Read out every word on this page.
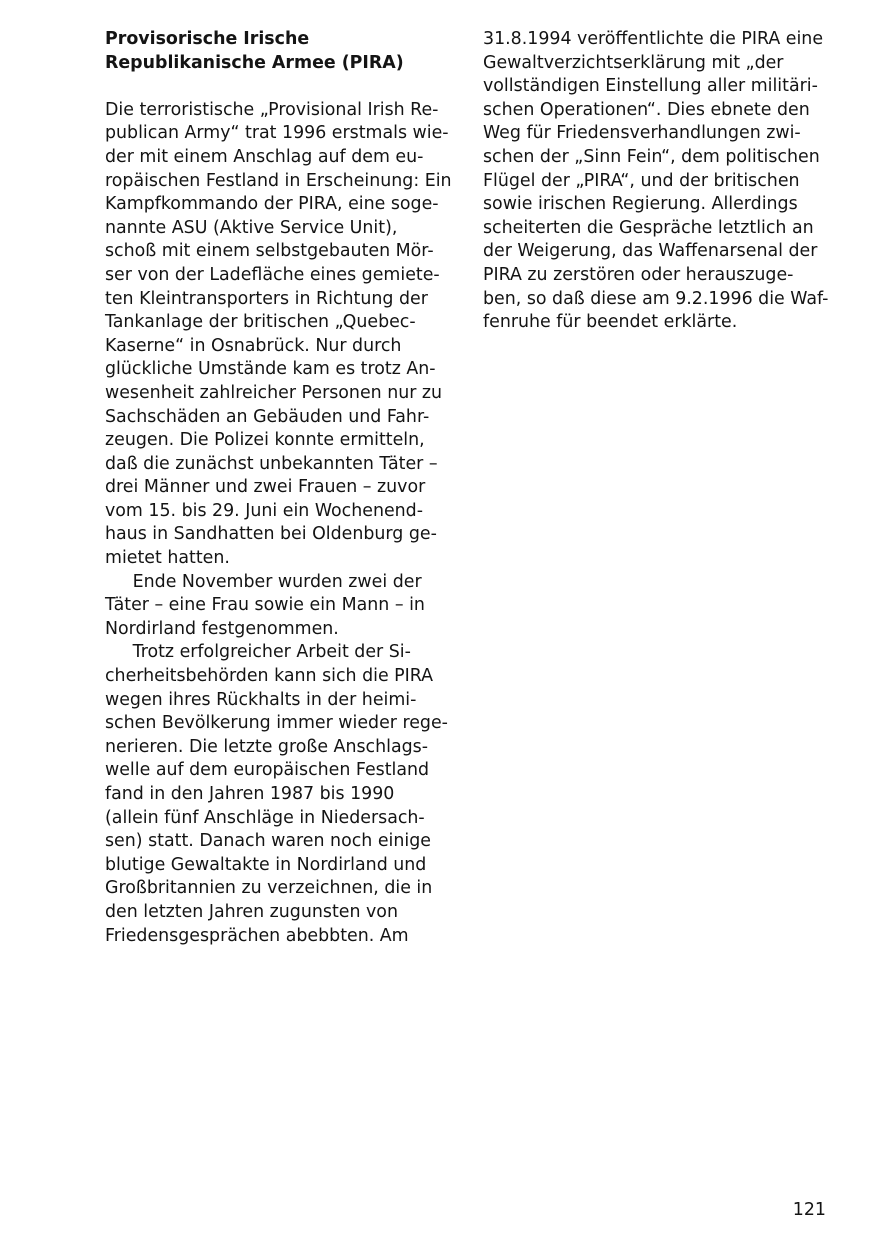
Provisorische Irische
Republikanische Armee (PIRA)
Die terroristische „Provisional Irish Re-
publican Army“ trat 1996 erstmals wie-
der mit einem Anschlag auf dem eu-
ropäischen Festland in Erscheinung: Ein
Kampfkommando der PIRA, eine soge-
nannte ASU (Aktive Service Unit),
schoß mit einem selbstgebauten Mör-
ser von der Ladefläche eines gemiete-
ten Kleintransporters in Richtung der
Tankanlage der britischen „Quebec-
Kaserne“ in Osnabrück. Nur durch
glückliche Umstände kam es trotz An-
wesenheit zahlreicher Personen nur zu
Sachschäden an Gebäuden und Fahr-
zeugen. Die Polizei konnte ermitteln,
daß die zunächst unbekannten Täter –
drei Männer und zwei Frauen – zuvor
vom 15. bis 29. Juni ein Wochenend-
haus in Sandhatten bei Oldenburg ge-
mietet hatten.
Ende November wurden zwei der
Täter – eine Frau sowie ein Mann – in
Nordirland festgenommen.
Trotz erfolgreicher Arbeit der Si-
cherheitsbehörden kann sich die PIRA
wegen ihres Rückhalts in der heimi-
schen Bevölkerung immer wieder rege-
nerieren. Die letzte große Anschlags-
welle auf dem europäischen Festland
fand in den Jahren 1987 bis 1990
(allein fünf Anschläge in Niedersach-
sen) statt. Danach waren noch einige
blutige Gewaltakte in Nordirland und
Großbritannien zu verzeichnen, die in
den letzten Jahren zugunsten von
Friedensgesprächen abebbten. Am
31.8.1994 veröffentlichte die PIRA eine
Gewaltverzichtserklärung mit „der
vollständigen Einstellung aller militäri-
schen Operationen“. Dies ebnete den
Weg für Friedensverhandlungen zwi-
schen der „Sinn Fein“, dem politischen
Flügel der „PIRA“, und der britischen
sowie irischen Regierung. Allerdings
scheiterten die Gespräche letztlich an
der Weigerung, das Waffenarsenal der
PIRA zu zerstören oder herauszuge-
ben, so daß diese am 9.2.1996 die Waf-
fenruhe für beendet erklärte.
121
